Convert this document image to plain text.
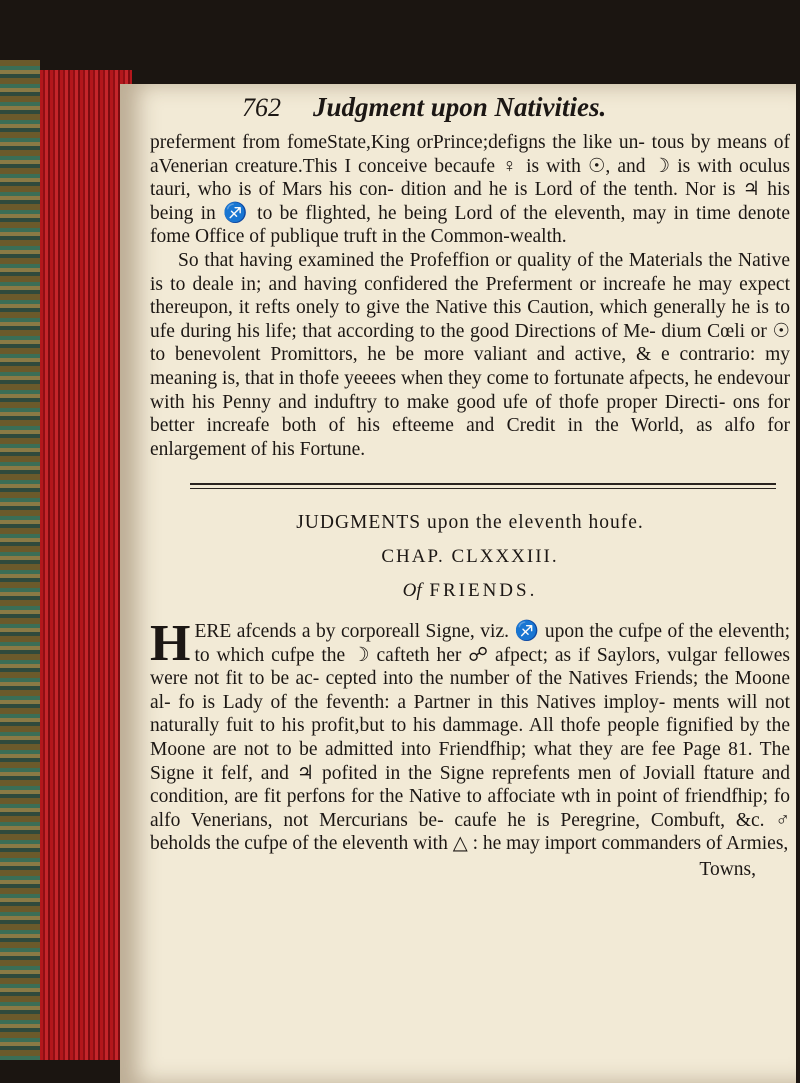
762 Judgment upon Nativities.

preferment from fomeState,King orPrince;defigns the like un- tous by means of aVenerian creature.This I conceive becaufe ♀ is with ☉, and ☽ is with oculus tauri, who is of Mars his con- dition and he is Lord of the tenth. Nor is ♃ his being in ♐ to be flighted, he being Lord of the eleventh, may in time denote fome Office of publique truft in the Common-wealth.

So that having examined the Profeffion or quality of the Materials the Native is to deale in; and having confidered the Preferment or increafe he may expect thereupon, it refts onely to give the Native this Caution, which generally he is to ufe during his life; that according to the good Directions of Me- dium Cœli or ☉ to benevolent Promittors, he be more valiant and active, & e contrario: my meaning is, that in thofe yeeees when they come to fortunate afpects, he endevour with his Penny and induftry to make good ufe of thofe proper Directi- ons for better increafe both of his efteeme and Credit in the World, as alfo for enlargement of his Fortune.

JUDGMENTS upon the eleventh houfe.
CHAP. CLXXXIII.
Of FRIENDS.

HERE afcends a by corporeall Signe, viz. ♐ upon the cufpe of the eleventh; to which cufpe the ☽ cafteth her ☍ afpect; as if Saylors, vulgar fellowes were not fit to be ac- cepted into the number of the Natives Friends; the Moone al- fo is Lady of the feventh: a Partner in this Natives imploy- ments will not naturally fuit to his profit,but to his dammage. All thofe people fignified by the Moone are not to be admitted into Friendfhip; what they are fee Page 81. The Signe it felf, and ♃ pofited in the Signe reprefents men of Joviall ftature and condition, are fit perfons for the Native to affociate wth in point of friendfhip; fo alfo Venerians, not Mercurians be- caufe he is Peregrine, Combuft, &c. ♂ beholds the cufpe of the eleventh with △ : he may import commanders of Armies,

Towns,
